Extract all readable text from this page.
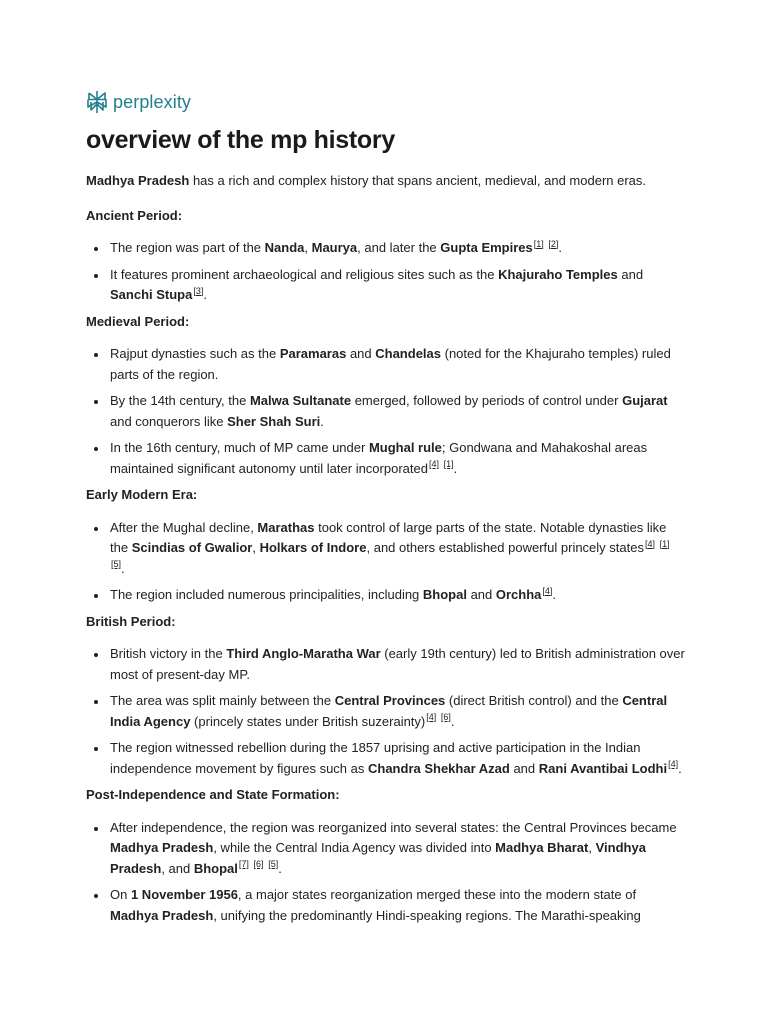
perplexity
overview of the mp history

Madhya Pradesh has a rich and complex history that spans ancient, medieval, and modern eras.

Ancient Period:

The region was part of the Nanda, Maurya, and later the Gupta Empires[1] [2].
It features prominent archaeological and religious sites such as the Khajuraho Temples and Sanchi Stupa[3].

Medieval Period:

Rajput dynasties such as the Paramaras and Chandelas (noted for the Khajuraho temples) ruled parts of the region.
By the 14th century, the Malwa Sultanate emerged, followed by periods of control under Gujarat and conquerors like Sher Shah Suri.
In the 16th century, much of MP came under Mughal rule; Gondwana and Mahakoshal areas maintained significant autonomy until later incorporated[4] [1].

Early Modern Era:

After the Mughal decline, Marathas took control of large parts of the state. Notable dynasties like the Scindias of Gwalior, Holkars of Indore, and others established powerful princely states[4] [1] [5].
The region included numerous principalities, including Bhopal and Orchha[4].

British Period:

British victory in the Third Anglo-Maratha War (early 19th century) led to British administration over most of present-day MP.
The area was split mainly between the Central Provinces (direct British control) and the Central India Agency (princely states under British suzerainty)[4] [6].
The region witnessed rebellion during the 1857 uprising and active participation in the Indian independence movement by figures such as Chandra Shekhar Azad and Rani Avantibai Lodhi[4].

Post-Independence and State Formation:

After independence, the region was reorganized into several states: the Central Provinces became Madhya Pradesh, while the Central India Agency was divided into Madhya Bharat, Vindhya Pradesh, and Bhopal[7] [6] [5].
On 1 November 1956, a major states reorganization merged these into the modern state of Madhya Pradesh, unifying the predominantly Hindi-speaking regions. The Marathi-speaking
